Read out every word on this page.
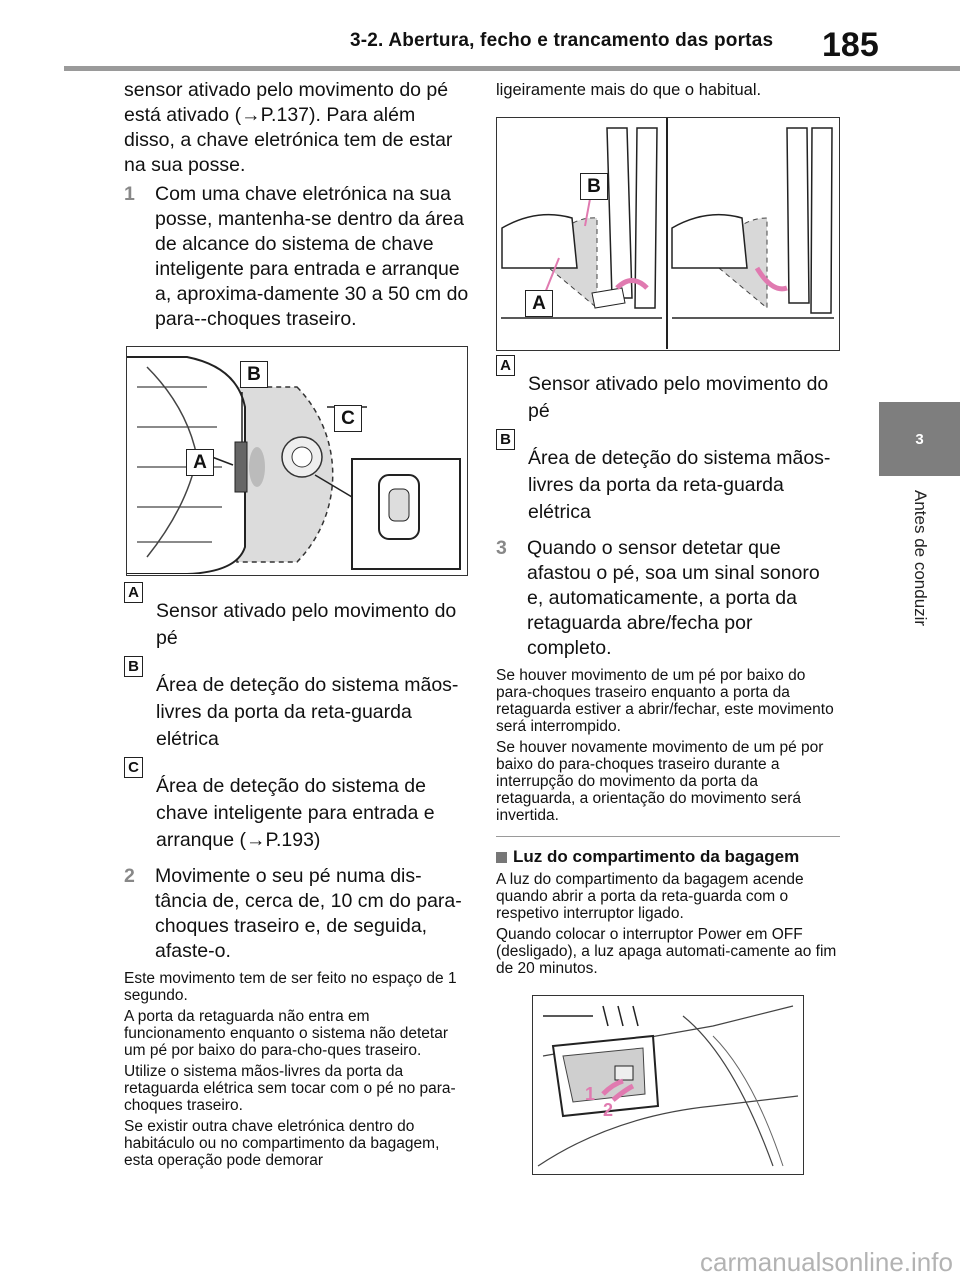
3-2. Abertura, fecho e trancamento das portas 185
3
Antes de conduzir

sensor ativado pelo movimento do pé está ativado (→P.137). Para além disso, a chave eletrónica tem de estar na sua posse.

1	Com uma chave eletrónica na sua posse, mantenha-se dentro da área de alcance do sistema de chave inteligente para entrada e arranque a, aproxima-damente 30 a 50 cm do para--choques traseiro.
B
C
A
A
Sensor ativado pelo movimento do pé
B
Área de deteção do sistema mãos-livres da porta da reta-guarda elétrica
C
Área de deteção do sistema de chave inteligente para entrada e arranque (→P.193)
2	Movimente o seu pé numa dis-tância de, cerca de, 10 cm do para-choques traseiro e, de seguida, afaste-o.

Este movimento tem de ser feito no espaço de 1 segundo.

A porta da retaguarda não entra em funcionamento enquanto o sistema não detetar um pé por baixo do para-cho-ques traseiro.

Utilize o sistema mãos-livres da porta da retaguarda elétrica sem tocar com o pé no para-choques traseiro.

Se existir outra chave eletrónica dentro do habitáculo ou no compartimento da bagagem, esta operação pode demorar

ligeiramente mais do que o habitual.

B
A
A
Sensor ativado pelo movimento do pé
B
Área de deteção do sistema mãos-livres da porta da reta-guarda elétrica
3	Quando o sensor detetar que afastou o pé, soa um sinal sonoro e, automaticamente, a porta da retaguarda abre/fecha por completo.

Se houver movimento de um pé por baixo do para-choques traseiro enquanto a porta da retaguarda estiver a abrir/fechar, este movimento será interrompido.

Se houver novamente movimento de um pé por baixo do para-choques traseiro durante a interrupção do movimento da porta da retaguarda, a orientação do movimento será invertida.

Luz do compartimento da bagagem

A luz do compartimento da bagagem acende quando abrir a porta da reta-guarda com o respetivo interruptor ligado.

Quando colocar o interruptor Power em OFF (desligado), a luz apaga automati-camente ao fim de 20 minutos.

1
2
carmanualsonline.info
